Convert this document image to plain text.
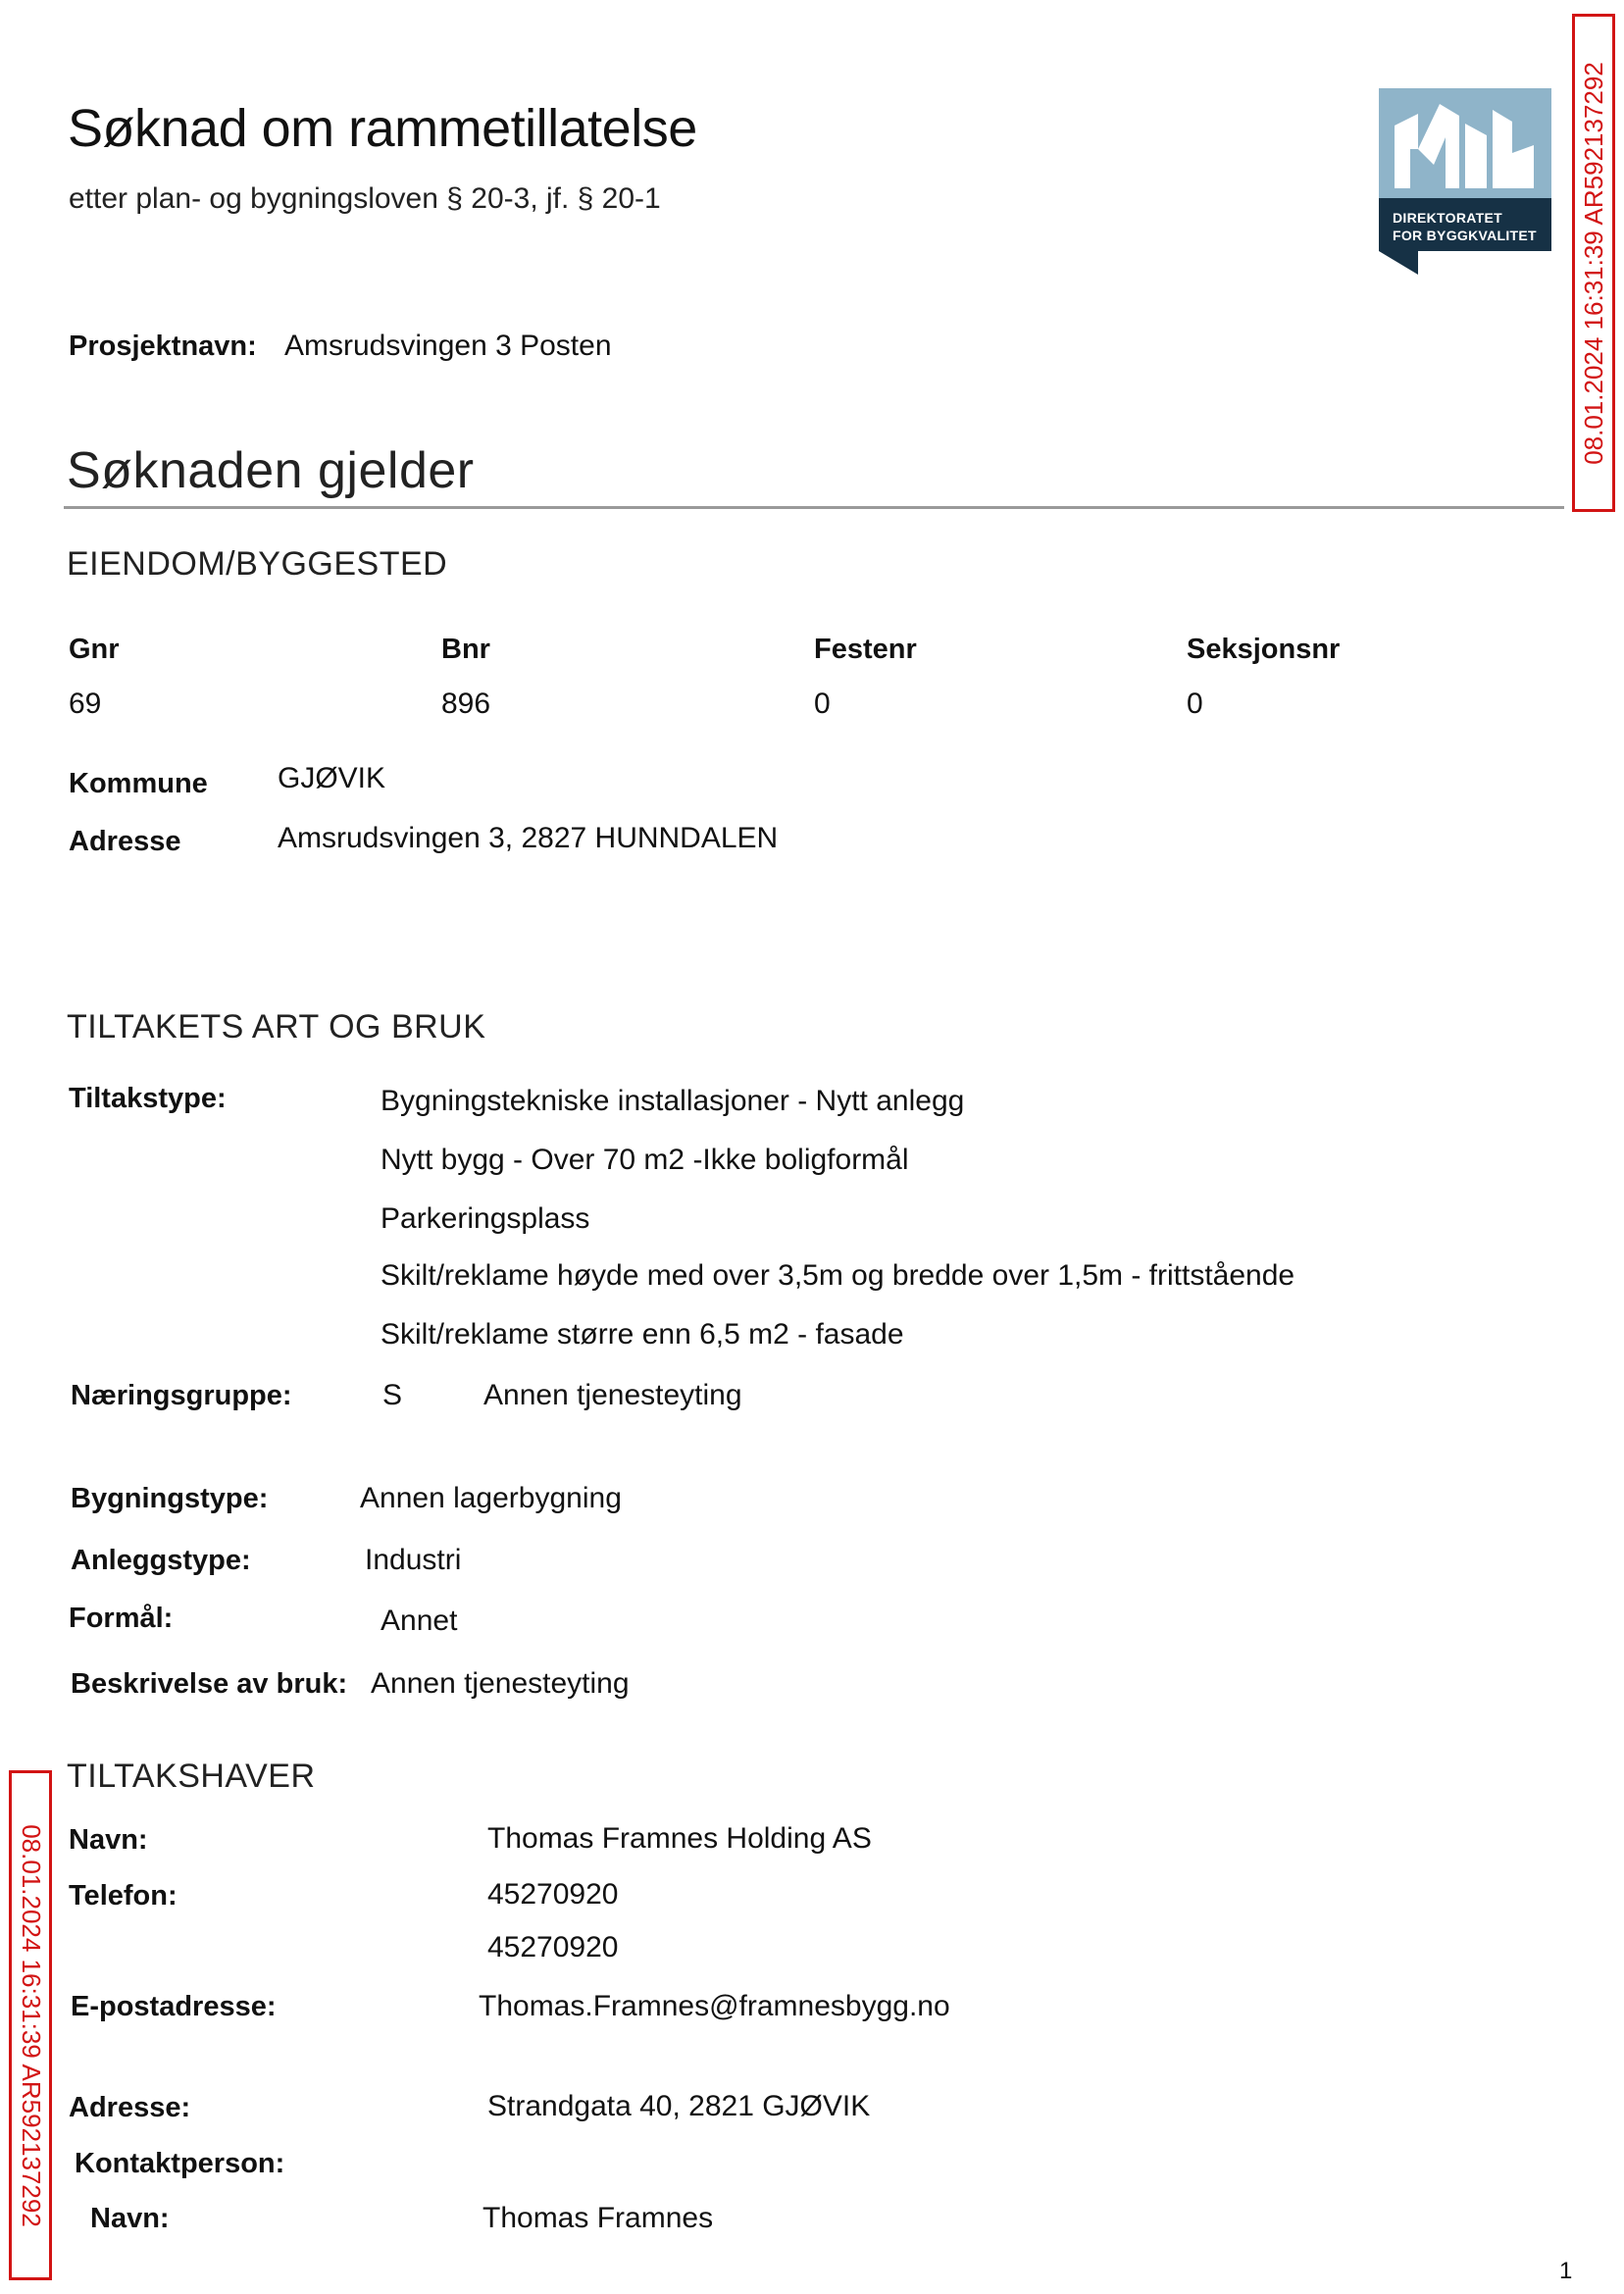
Søknad om rammetillatelse
etter plan- og bygningsloven § 20-3, jf. § 20-1
DIREKTORATET
FOR BYGGKVALITET 08.01.2024 16:31:39 AR592137292
08.01.2024 16:31:39 AR592137292
Prosjektnavn: Amsrudsvingen 3 Posten
Søknaden gjelder
EIENDOM/BYGGESTED
Gnr	Bnr	Festenr	Seksjonsnr
69	896	0	0
Kommune GJØVIK
Adresse	Amsrudsvingen 3, 2827 HUNNDALEN
TILTAKETS ART OG BRUK
Tiltakstype:	Bygningstekniske installasjoner - Nytt anlegg
Nytt bygg - Over 70 m2 -Ikke boligformål
Parkeringsplass
Skilt/reklame høyde med over 3,5m og bredde over 1,5m - frittstående
Skilt/reklame større enn 6,5 m2 - fasade
Næringsgruppe:	S	Annen tjenesteyting
Bygningstype:	Annen lagerbygning
Anleggstype:	Industri
Formål:	Annet
Beskrivelse av bruk: Annen tjenesteyting
TILTAKSHAVER
Navn:	Thomas Framnes Holding AS
Telefon:	45270920
45270920
E-postadresse:	Thomas.Framnes@framnesbygg.no
Adresse:	Strandgata 40, 2821 GJØVIK
Kontaktperson:
Navn:	Thomas Framnes
1
